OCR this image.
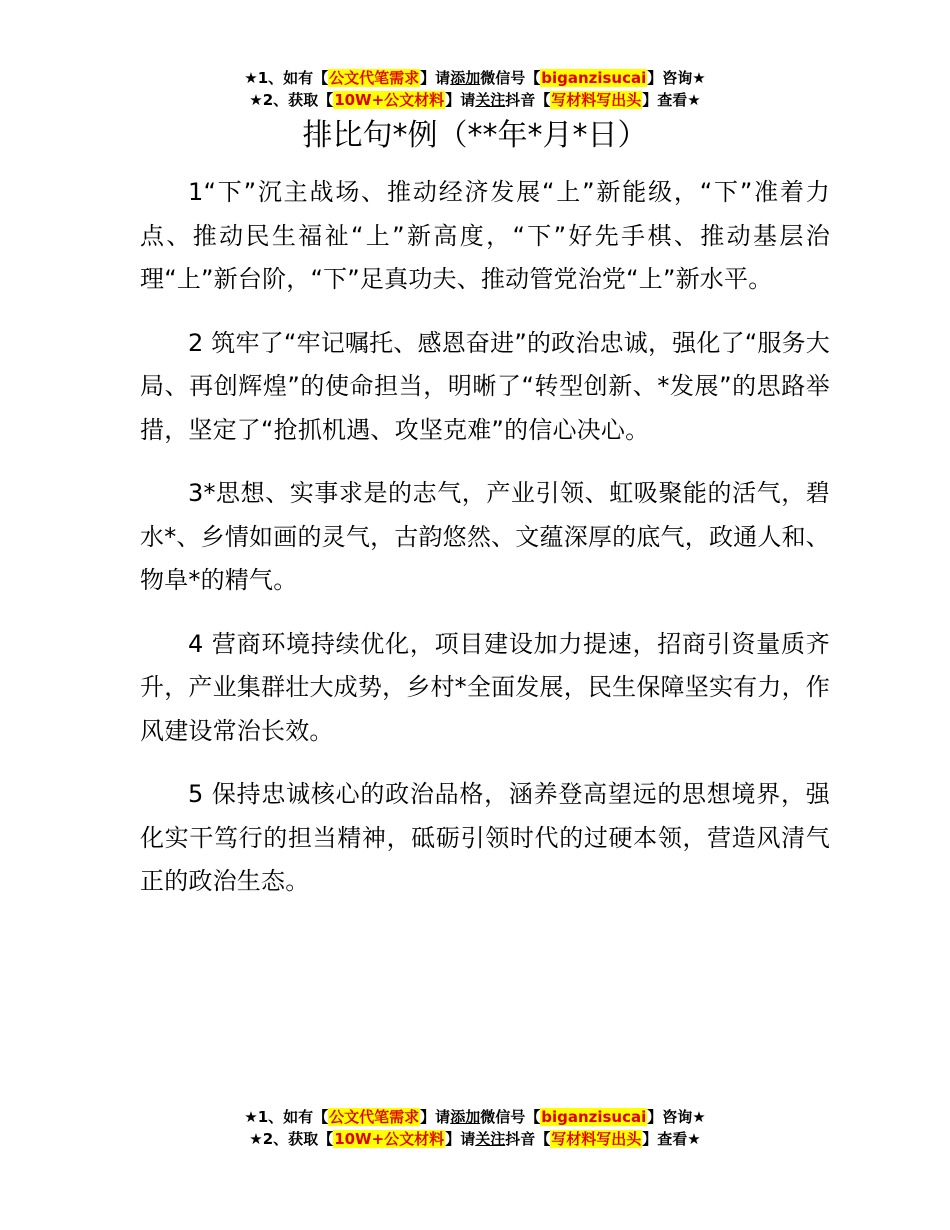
★1、如有【公文代笔需求】请添加微信号【biganzisucai】咨询★
★2、获取【10W+公文材料】请关注抖音【写材料写出头】查看★
排比句*例（**年*月*日）

1“下”沉主战场、推动经济发展“上”新能级，“下”准着力点、推动民生福祉“上”新高度，“下”好先手棋、推动基层治理“上”新台阶，“下”足真功夫、推动管党治党“上”新水平。

2 筑牢了“牢记嘱托、感恩奋进”的政治忠诚，强化了“服务大局、再创辉煌”的使命担当，明晰了“转型创新、*发展”的思路举措，坚定了“抢抓机遇、攻坚克难”的信心决心。

3*思想、实事求是的志气，产业引领、虹吸聚能的活气，碧水*、乡情如画的灵气，古韵悠然、文蕴深厚的底气，政通人和、物阜*的精气。

4 营商环境持续优化，项目建设加力提速，招商引资量质齐升，产业集群壮大成势，乡村*全面发展，民生保障坚实有力，作风建设常治长效。

5 保持忠诚核心的政治品格，涵养登高望远的思想境界，强化实干笃行的担当精神，砥砺引领时代的过硬本领，营造风清气正的政治生态。

★1、如有【公文代笔需求】请添加微信号【biganzisucai】咨询★
★2、获取【10W+公文材料】请关注抖音【写材料写出头】查看★
